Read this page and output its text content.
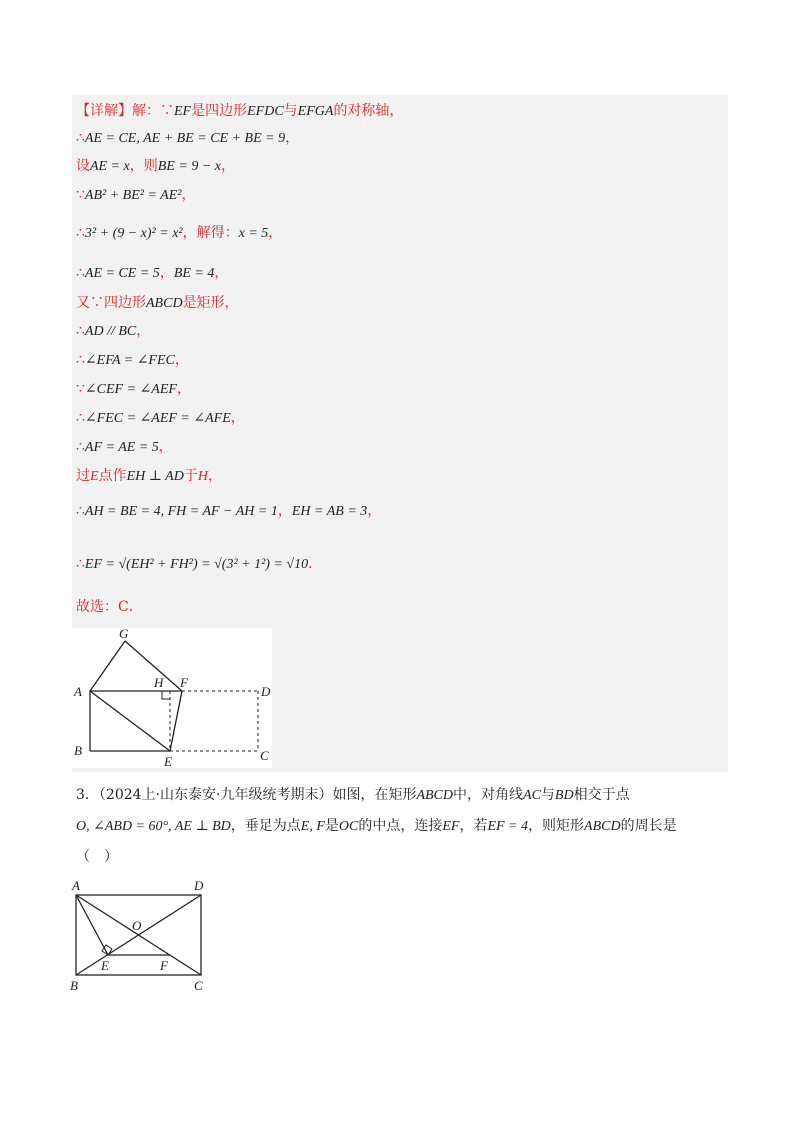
【详解】解：∵EF是四边形EFDC与EFGA的对称轴，
∴AE = CE, AE + BE = CE + BE = 9，
设AE = x，则BE = 9 − x，
∵AB² + BE² = AE²，
∴3² + (9 − x)² = x²，解得：x = 5，
∴AE = CE = 5，BE = 4，
又∵四边形ABCD是矩形，
∴AD // BC，
∴∠EFA = ∠FEC，
∵∠CEF = ∠AEF，
∴∠FEC = ∠AEF = ∠AFE，
∴AF = AE = 5，
过E点作EH ⊥ AD于H，
∴AH = BE = 4, FH = AF − AH = 1，EH = AB = 3，
∴EF = √(EH² + FH²) = √(3² + 1²) = √10．
故选：C．
G
A
H F
D
B
E	C
3．（2024上·山东泰安·九年级统考期末）如图，在矩形ABCD中，对角线AC与BD相交于点
O, ∠ABD = 60°, AE ⊥ BD，垂足为点E, F是OC的中点，连接EF，若EF = 4，则矩形ABCD的周长是
（　）
A	D
O
E	F
B	C
